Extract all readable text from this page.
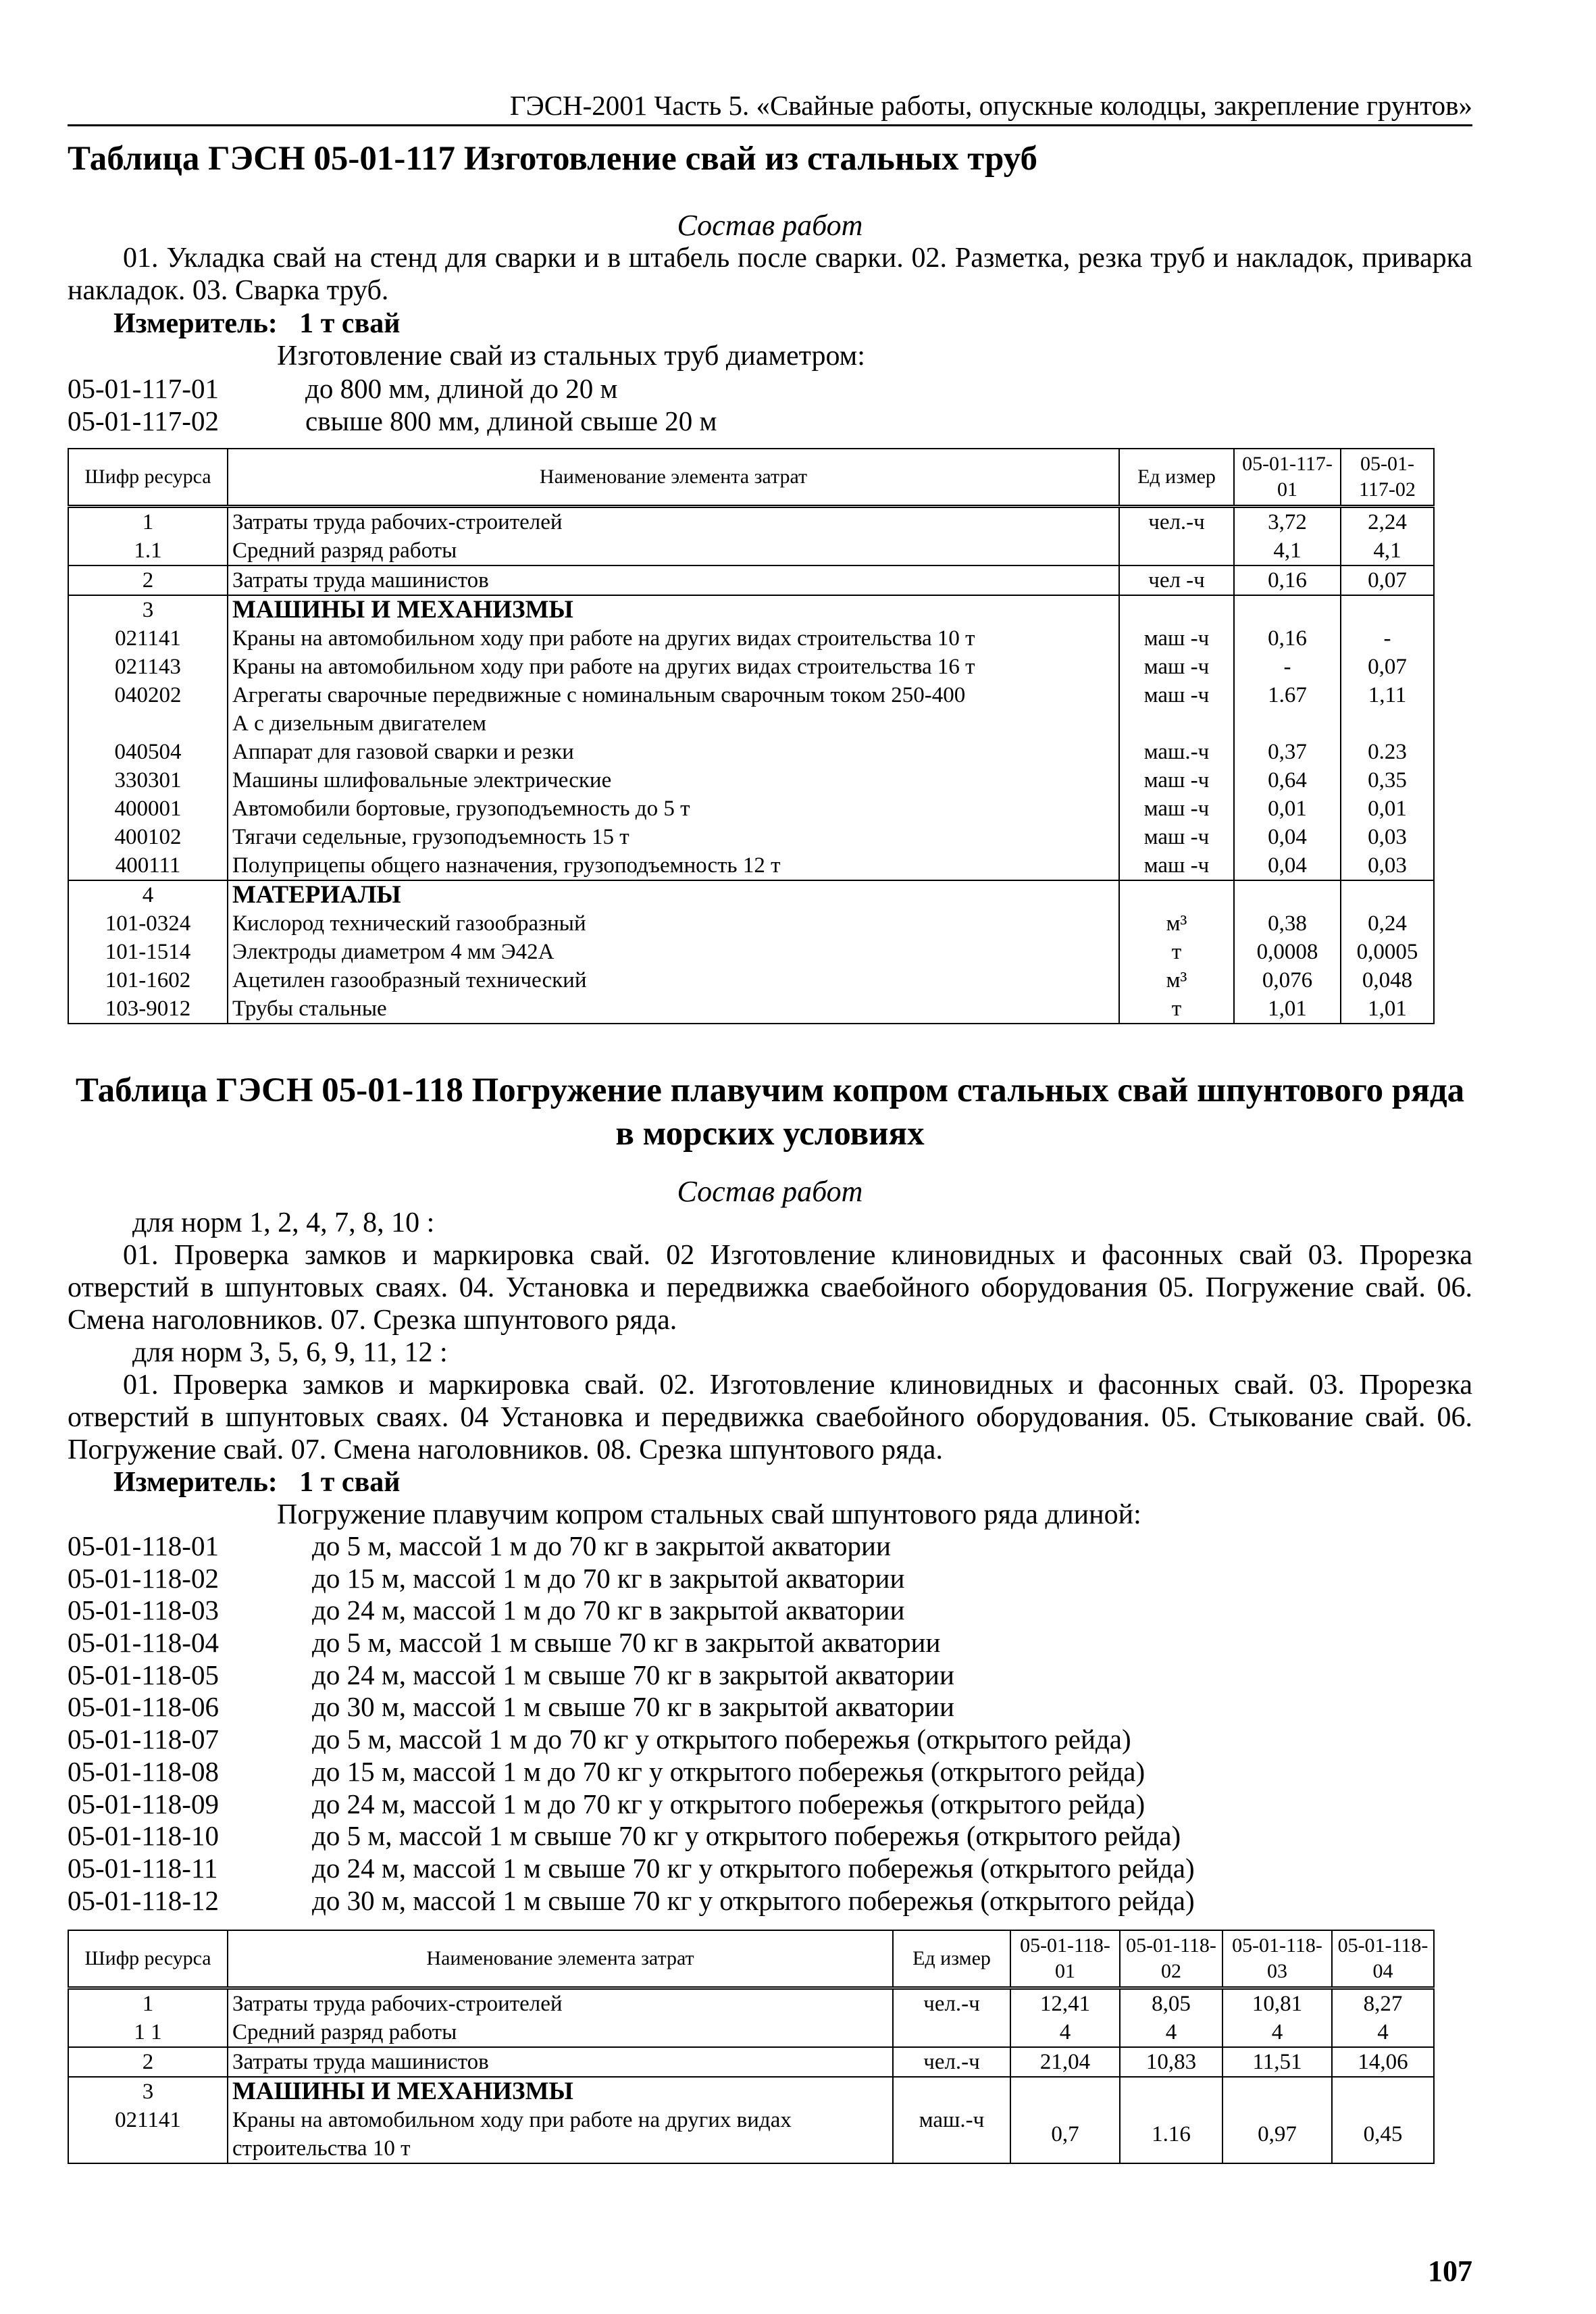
ГЭСН-2001 Часть 5. «Свайные работы, опускные колодцы, закрепление грунтов»
Таблица ГЭСН 05-01-117 Изготовление свай из стальных труб
Состав работ
01. Укладка свай на стенд для сварки и в штабель после сварки. 02. Разметка, резка труб и накладок, приварка накладок. 03. Сварка труб.
Измеритель: 1 т свай
Изготовление свай из стальных труб диаметром:
05-01-117-01	до 800 мм, длиной до 20 м
05-01-117-02	свыше 800 мм, длиной свыше 20 м
Шифр ресурса	Наименование элемента затрат	Ед измер	05-01-117-01	05-01-117-02
1	Затраты труда рабочих-строителей	чел.-ч	3,72	2,24
1.1	Средний разряд работы		4,1	4,1
2	Затраты труда машинистов	чел -ч	0,16	0,07
3	МАШИНЫ И МЕХАНИЗМЫ			
021141	Краны на автомобильном ходу при работе на других видах строительства 10 т	маш -ч	0,16	-
021143	Краны на автомобильном ходу при работе на других видах строительства 16 т	маш -ч	-	0,07
040202	Агрегаты сварочные передвижные с номинальным сварочным током 250-400	маш -ч	1.67	1,11
	А с дизельным двигателем			
040504	Аппарат для газовой сварки и резки	маш.-ч	0,37	0.23
330301	Машины шлифовальные электрические	маш -ч	0,64	0,35
400001	Автомобили бортовые, грузоподъемность до 5 т	маш -ч	0,01	0,01
400102	Тягачи седельные, грузоподъемность 15 т	маш -ч	0,04	0,03
400111	Полуприцепы общего назначения, грузоподъемность 12 т	маш -ч	0,04	0,03
4	МАТЕРИАЛЫ			
101-0324	Кислород технический газообразный	м³	0,38	0,24
101-1514	Электроды диаметром 4 мм Э42А	т	0,0008	0,0005
101-1602	Ацетилен газообразный технический	м³	0,076	0,048
103-9012	Трубы стальные	т	1,01	1,01
Таблица ГЭСН 05-01-118 Погружение плавучим копром стальных свай шпунтового ряда
в морских условиях
Состав работ
для норм 1, 2, 4, 7, 8, 10 :
01. Проверка замков и маркировка свай. 02 Изготовление клиновидных и фасонных свай 03. Прорезка отверстий в шпунтовых сваях. 04. Установка и передвижка сваебойного оборудования 05. Погружение свай. 06. Смена наголовников. 07. Срезка шпунтового ряда.
для норм 3, 5, 6, 9, 11, 12 :
01. Проверка замков и маркировка свай. 02. Изготовление клиновидных и фасонных свай. 03. Прорезка отверстий в шпунтовых сваях. 04 Установка и передвижка сваебойного оборудования. 05. Стыкование свай. 06. Погружение свай. 07. Смена наголовников. 08. Срезка шпунтового ряда.
Измеритель: 1 т свай
Погружение плавучим копром стальных свай шпунтового ряда длиной:
05-01-118-01	до 5 м, массой 1 м до 70 кг в закрытой акватории
05-01-118-02	до 15 м, массой 1 м до 70 кг в закрытой акватории
05-01-118-03	до 24 м, массой 1 м до 70 кг в закрытой акватории
05-01-118-04	до 5 м, массой 1 м свыше 70 кг в закрытой акватории
05-01-118-05	до 24 м, массой 1 м свыше 70 кг в закрытой акватории
05-01-118-06	до 30 м, массой 1 м свыше 70 кг в закрытой акватории
05-01-118-07	до 5 м, массой 1 м до 70 кг у открытого побережья (открытого рейда)
05-01-118-08	до 15 м, массой 1 м до 70 кг у открытого побережья (открытого рейда)
05-01-118-09	до 24 м, массой 1 м до 70 кг у открытого побережья (открытого рейда)
05-01-118-10	до 5 м, массой 1 м свыше 70 кг у открытого побережья (открытого рейда)
05-01-118-11	до 24 м, массой 1 м свыше 70 кг у открытого побережья (открытого рейда)
05-01-118-12	до 30 м, массой 1 м свыше 70 кг у открытого побережья (открытого рейда)
Шифр ресурса	Наименование элемента затрат	Ед измер	05-01-118-01	05-01-118-02	05-01-118-03	05-01-118-04
1	Затраты труда рабочих-строителей	чел.-ч	12,41	8,05	10,81	8,27
1 1	Средний разряд работы		4	4	4	4
2	Затраты труда машинистов	чел.-ч	21,04	10,83	11,51	14,06
3	МАШИНЫ И МЕХАНИЗМЫ					
021141	Краны на автомобильном ходу при работе на других видах строительства 10 т	маш.-ч	0,7	1.16	0,97	0,45
107
